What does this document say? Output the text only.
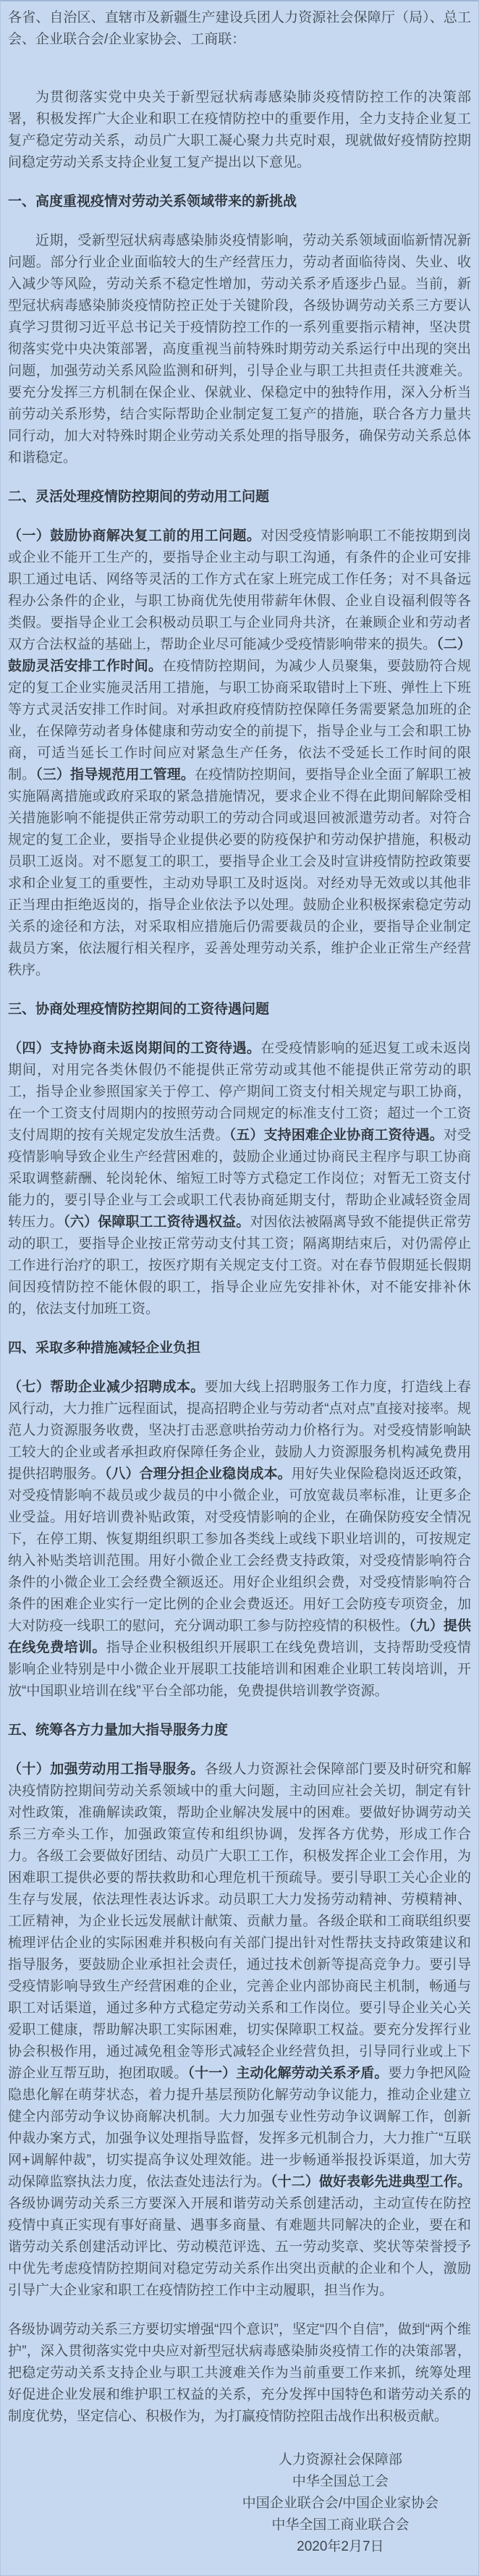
各省、自治区、直辖市及新疆生产建设兵团人力资源社会保障厅（局）、总工会、企业联合会/企业家协会、工商联：

为贯彻落实党中央关于新型冠状病毒感染肺炎疫情防控工作的决策部署，积极发挥广大企业和职工在疫情防控中的重要作用，全力支持企业复工复产稳定劳动关系，动员广大职工凝心聚力共克时艰，现就做好疫情防控期间稳定劳动关系支持企业复工复产提出以下意见。

一、高度重视疫情对劳动关系领域带来的新挑战

近期，受新型冠状病毒感染肺炎疫情影响，劳动关系领域面临新情况新问题。部分行业企业面临较大的生产经营压力，劳动者面临待岗、失业、收入减少等风险，劳动关系不稳定性增加，劳动关系矛盾逐步凸显。当前，新型冠状病毒感染肺炎疫情防控正处于关键阶段，各级协调劳动关系三方要认真学习贯彻习近平总书记关于疫情防控工作的一系列重要指示精神，坚决贯彻落实党中央决策部署，高度重视当前特殊时期劳动关系运行中出现的突出问题，加强劳动关系风险监测和研判，引导企业与职工共担责任共渡难关。要充分发挥三方机制在保企业、保就业、保稳定中的独特作用，深入分析当前劳动关系形势，结合实际帮助企业制定复工复产的措施，联合各方力量共同行动，加大对特殊时期企业劳动关系处理的指导服务，确保劳动关系总体和谐稳定。

二、灵活处理疫情防控期间的劳动用工问题

（一）鼓励协商解决复工前的用工问题。对因受疫情影响职工不能按期到岗或企业不能开工生产的，要指导企业主动与职工沟通，有条件的企业可安排职工通过电话、网络等灵活的工作方式在家上班完成工作任务；对不具备远程办公条件的企业，与职工协商优先使用带薪年休假、企业自设福利假等各类假。要指导企业工会积极动员职工与企业同舟共济，在兼顾企业和劳动者双方合法权益的基础上，帮助企业尽可能减少受疫情影响带来的损失。（二）鼓励灵活安排工作时间。在疫情防控期间，为减少人员聚集，要鼓励符合规定的复工企业实施灵活用工措施，与职工协商采取错时上下班、弹性上下班等方式灵活安排工作时间。对承担政府疫情防控保障任务需要紧急加班的企业，在保障劳动者身体健康和劳动安全的前提下，指导企业与工会和职工协商，可适当延长工作时间应对紧急生产任务，依法不受延长工作时间的限制。（三）指导规范用工管理。在疫情防控期间，要指导企业全面了解职工被实施隔离措施或政府采取的紧急措施情况，要求企业不得在此期间解除受相关措施影响不能提供正常劳动职工的劳动合同或退回被派遣劳动者。对符合规定的复工企业，要指导企业提供必要的防疫保护和劳动保护措施，积极动员职工返岗。对不愿复工的职工，要指导企业工会及时宣讲疫情防控政策要求和企业复工的重要性，主动劝导职工及时返岗。对经劝导无效或以其他非正当理由拒绝返岗的，指导企业依法予以处理。鼓励企业积极探索稳定劳动关系的途径和方法，对采取相应措施后仍需要裁员的企业，要指导企业制定裁员方案，依法履行相关程序，妥善处理劳动关系，维护企业正常生产经营秩序。

三、协商处理疫情防控期间的工资待遇问题

（四）支持协商未返岗期间的工资待遇。在受疫情影响的延迟复工或未返岗期间，对用完各类休假仍不能提供正常劳动或其他不能提供正常劳动的职工，指导企业参照国家关于停工、停产期间工资支付相关规定与职工协商，在一个工资支付周期内的按照劳动合同规定的标准支付工资；超过一个工资支付周期的按有关规定发放生活费。（五）支持困难企业协商工资待遇。对受疫情影响导致企业生产经营困难的，鼓励企业通过协商民主程序与职工协商采取调整薪酬、轮岗轮休、缩短工时等方式稳定工作岗位；对暂无工资支付能力的，要引导企业与工会或职工代表协商延期支付，帮助企业减轻资金周转压力。（六）保障职工工资待遇权益。对因依法被隔离导致不能提供正常劳动的职工，要指导企业按正常劳动支付其工资；隔离期结束后，对仍需停止工作进行治疗的职工，按医疗期有关规定支付工资。对在春节假期延长假期间因疫情防控不能休假的职工，指导企业应先安排补休，对不能安排补休的，依法支付加班工资。

四、采取多种措施减轻企业负担

（七）帮助企业减少招聘成本。要加大线上招聘服务工作力度，打造线上春风行动，大力推广远程面试，提高招聘企业与劳动者“点对点”直接对接率。规范人力资源服务收费，坚决打击恶意哄抬劳动力价格行为。对受疫情影响缺工较大的企业或者承担政府保障任务企业，鼓励人力资源服务机构减免费用提供招聘服务。（八）合理分担企业稳岗成本。用好失业保险稳岗返还政策，对受疫情影响不裁员或少裁员的中小微企业，可放宽裁员率标准，让更多企业受益。用好培训费补贴政策，对受疫情影响的企业，在确保防疫安全情况下，在停工期、恢复期组织职工参加各类线上或线下职业培训的，可按规定纳入补贴类培训范围。用好小微企业工会经费支持政策，对受疫情影响符合条件的小微企业工会经费全额返还。用好企业组织会费，对受疫情影响符合条件的困难企业实行一定比例的企业会费返还。用好工会防疫专项资金，加大对防疫一线职工的慰问，充分调动职工参与防控疫情的积极性。（九）提供在线免费培训。指导企业积极组织开展职工在线免费培训，支持帮助受疫情影响企业特别是中小微企业开展职工技能培训和困难企业职工转岗培训，开放“中国职业培训在线”平台全部功能，免费提供培训教学资源。

五、统筹各方力量加大指导服务力度

（十）加强劳动用工指导服务。各级人力资源社会保障部门要及时研究和解决疫情防控期间劳动关系领域中的重大问题，主动回应社会关切，制定有针对性政策，准确解读政策，帮助企业解决发展中的困难。要做好协调劳动关系三方牵头工作，加强政策宣传和组织协调，发挥各方优势，形成工作合力。各级工会要做好团结、动员广大职工工作，积极发挥企业工会作用，为困难职工提供必要的帮扶救助和心理危机干预疏导。要引导职工关心企业的生存与发展，依法理性表达诉求。动员职工大力发扬劳动精神、劳模精神、工匠精神，为企业长远发展献计献策、贡献力量。各级企联和工商联组织要梳理评估企业的实际困难并积极向有关部门提出针对性帮扶支持政策建议和指导服务，要鼓励企业承担社会责任，通过技术创新等提高竞争力。要引导受疫情影响导致生产经营困难的企业，完善企业内部协商民主机制，畅通与职工对话渠道，通过多种方式稳定劳动关系和工作岗位。要引导企业关心关爱职工健康，帮助解决职工实际困难，切实保障职工权益。要充分发挥行业协会积极作用，通过减免租金等形式减轻企业经营负担，引导同行业或上下游企业互帮互助，抱团取暖。（十一）主动化解劳动关系矛盾。要力争把风险隐患化解在萌芽状态，着力提升基层预防化解劳动争议能力，推动企业建立健全内部劳动争议协商解决机制。大力加强专业性劳动争议调解工作，创新仲裁办案方式，加强争议处理指导监督，发挥多元机制合力，大力推广“互联网+调解仲裁”，切实提高争议处理效能。进一步畅通举报投诉渠道，加大劳动保障监察执法力度，依法查处违法行为。（十二）做好表彰先进典型工作。各级协调劳动关系三方要深入开展和谐劳动关系创建活动，主动宣传在防控疫情中真正实现有事好商量、遇事多商量、有难题共同解决的企业，要在和谐劳动关系创建活动评比、劳动模范评选、五一劳动奖章、奖状等荣誉授予中优先考虑疫情防控期间对稳定劳动关系作出突出贡献的企业和个人，激励引导广大企业家和职工在疫情防控工作中主动履职，担当作为。

各级协调劳动关系三方要切实增强“四个意识”，坚定“四个自信”，做到“两个维护”，深入贯彻落实党中央应对新型冠状病毒感染肺炎疫情工作的决策部署，把稳定劳动关系支持企业与职工共渡难关作为当前重要工作来抓，统筹处理好促进企业发展和维护职工权益的关系，充分发挥中国特色和谐劳动关系的制度优势，坚定信心、积极作为，为打赢疫情防控阻击战作出积极贡献。

人力资源社会保障部
中华全国总工会
中国企业联合会/中国企业家协会
中华全国工商业联合会
2020年2月7日
